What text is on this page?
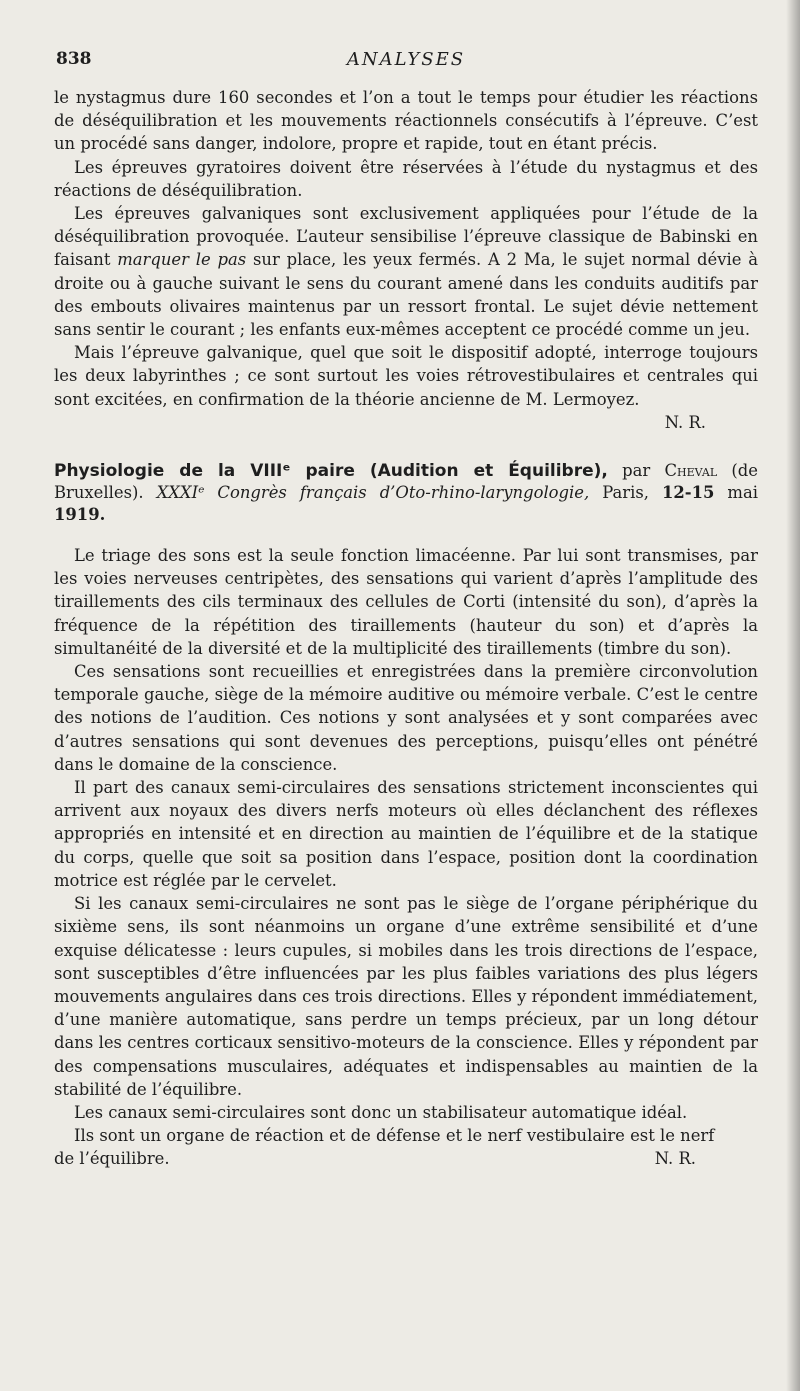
838	ANALYSES

le nystagmus dure 160 secondes et l’on a tout le temps pour étudier les réactions de déséquilibration et les mouvements réactionnels consécutifs à l’épreuve. C’est un procédé sans danger, indolore, propre et rapide, tout en étant précis.

Les épreuves gyratoires doivent être réservées à l’étude du nystagmus et des réactions de déséquilibration.

Les épreuves galvaniques sont exclusivement appliquées pour l’étude de la déséquilibration provoquée. L’auteur sensibilise l’épreuve classique de Babinski en faisant marquer le pas sur place, les yeux fermés. A 2 Ma, le sujet normal dévie à droite ou à gauche suivant le sens du courant amené dans les conduits auditifs par des embouts olivaires maintenus par un ressort frontal. Le sujet dévie nettement sans sentir le courant ; les enfants eux-mêmes acceptent ce procédé comme un jeu.

Mais l’épreuve galvanique, quel que soit le dispositif adopté, interroge toujours les deux labyrinthes ; ce sont surtout les voies rétrovestibulaires et centrales qui sont excitées, en confirmation de la théorie ancienne de M. Lermoyez.

N. R.

Physiologie de la VIIIᵉ paire (Audition et Équilibre), par Cheval (de Bruxelles). XXXIᵉ Congrès français d’Oto-rhino-laryngologie, Paris, 12-15 mai 1919.

Le triage des sons est la seule fonction limacéenne. Par lui sont transmises, par les voies nerveuses centripètes, des sensations qui varient d’après l’amplitude des tiraillements des cils terminaux des cellules de Corti (intensité du son), d’après la fréquence de la répétition des tiraillements (hauteur du son) et d’après la simultanéité de la diversité et de la multiplicité des tiraillements (timbre du son).

Ces sensations sont recueillies et enregistrées dans la première circonvolution temporale gauche, siège de la mémoire auditive ou mémoire verbale. C’est le centre des notions de l’audition. Ces notions y sont analysées et y sont comparées avec d’autres sensations qui sont devenues des perceptions, puisqu’elles ont pénétré dans le domaine de la conscience.

Il part des canaux semi-circulaires des sensations strictement inconscientes qui arrivent aux noyaux des divers nerfs moteurs où elles déclanchent des réflexes appropriés en intensité et en direction au maintien de l’équilibre et de la statique du corps, quelle que soit sa position dans l’espace, position dont la coordination motrice est réglée par le cervelet.

Si les canaux semi-circulaires ne sont pas le siège de l’organe périphérique du sixième sens, ils sont néanmoins un organe d’une extrême sensibilité et d’une exquise délicatesse : leurs cupules, si mobiles dans les trois directions de l’espace, sont susceptibles d’être influencées par les plus faibles variations des plus légers mouvements angulaires dans ces trois directions. Elles y répondent immédiatement, d’une manière automatique, sans perdre un temps précieux, par un long détour dans les centres corticaux sensitivo-moteurs de la conscience. Elles y répondent par des compensations musculaires, adéquates et indispensables au maintien de la stabilité de l’équilibre.

Les canaux semi-circulaires sont donc un stabilisateur automatique idéal.

Ils sont un organe de réaction et de défense et le nerf vestibulaire est le nerf

de l’équilibre.	N. R.
